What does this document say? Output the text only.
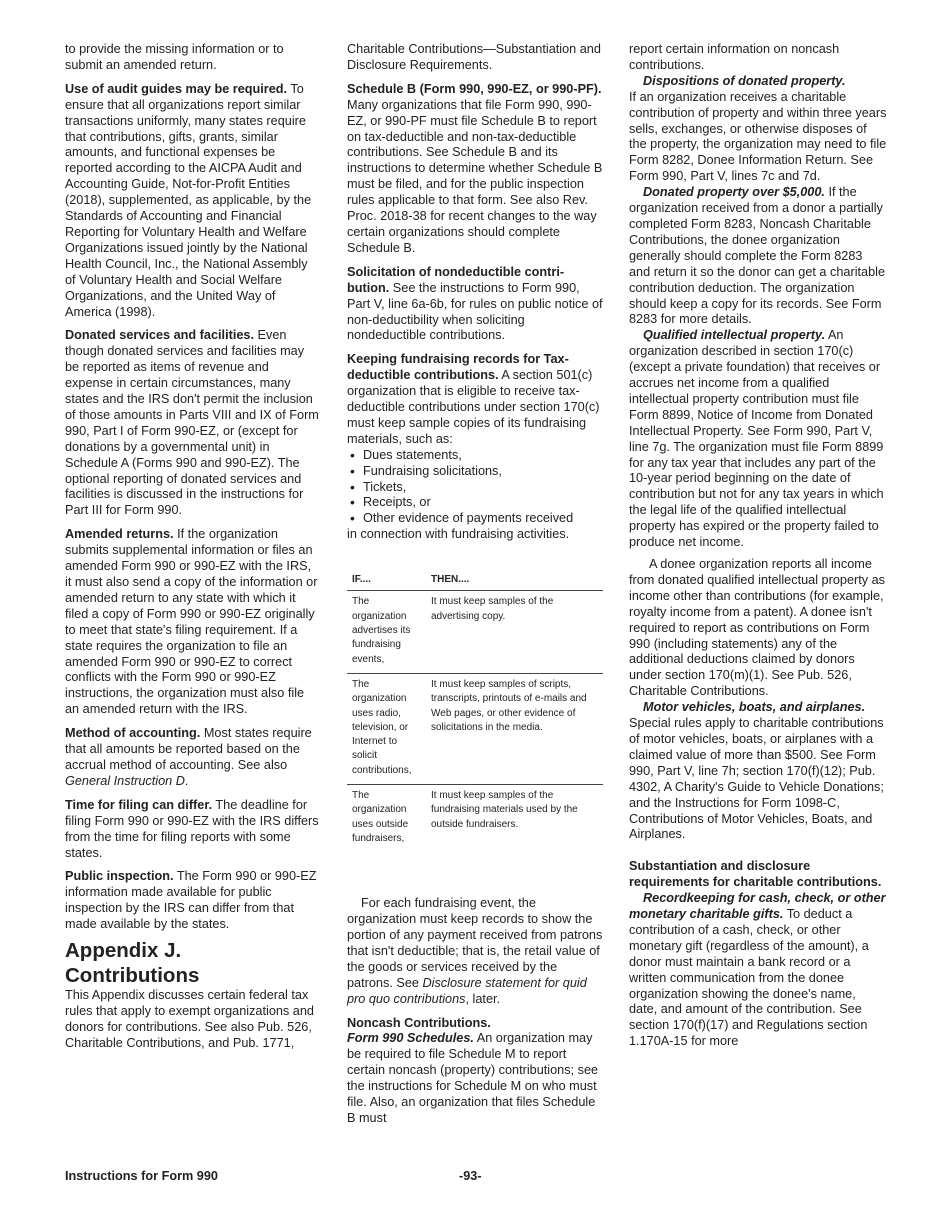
to provide the missing information or to submit an amended return.

Use of audit guides may be required. To ensure that all organizations report similar transactions uniformly, many states require that contributions, gifts, grants, similar amounts, and functional expenses be reported according to the AICPA Audit and Accounting Guide, Not-for-Profit Entities (2018), supplemented, as applicable, by the Standards of Accounting and Financial Reporting for Voluntary Health and Welfare Organizations issued jointly by the National Health Council, Inc., the National Assembly of Voluntary Health and Social Welfare Organizations, and the United Way of America (1998).

Donated services and facilities. Even though donated services and facilities may be reported as items of revenue and expense in certain circumstances, many states and the IRS don't permit the inclusion of those amounts in Parts VIII and IX of Form 990, Part I of Form 990-EZ, or (except for donations by a governmental unit) in Schedule A (Forms 990 and 990-EZ). The optional reporting of donated services and facilities is discussed in the instructions for Part III for Form 990.

Amended returns. If the organization submits supplemental information or files an amended Form 990 or 990-EZ with the IRS, it must also send a copy of the information or amended return to any state with which it filed a copy of Form 990 or 990-EZ originally to meet that state's filing requirement. If a state requires the organization to file an amended Form 990 or 990-EZ to correct conflicts with the Form 990 or 990-EZ instructions, the organization must also file an amended return with the IRS.

Method of accounting. Most states require that all amounts be reported based on the accrual method of accounting. See also General Instruction D.

Time for filing can differ. The deadline for filing Form 990 or 990-EZ with the IRS differs from the time for filing reports with some states.

Public inspection. The Form 990 or 990-EZ information made available for public inspection by the IRS can differ from that made available by the states.

Appendix J.
Contributions

This Appendix discusses certain federal tax rules that apply to exempt organizations and donors for contributions. See also Pub. 526, Charitable Contributions, and Pub. 1771,

Charitable Contributions—Substantiation and Disclosure Requirements.

Schedule B (Form 990, 990-EZ, or 990-PF). Many organizations that file Form 990, 990-EZ, or 990-PF must file Schedule B to report on tax-deductible and non-tax-deductible contributions. See Schedule B and its instructions to determine whether Schedule B must be filed, and for the public inspection rules applicable to that form. See also Rev. Proc. 2018-38 for recent changes to the way certain organizations should complete Schedule B.

Solicitation of nondeductible contri-bution. See the instructions to Form 990, Part V, line 6a-6b, for rules on public notice of non-deductibility when soliciting nondeductible contributions.

Keeping fundraising records for Tax-deductible contributions. A section 501(c) organization that is eligible to receive tax-deductible contributions under section 170(c) must keep sample copies of its fundraising materials, such as:

• Dues statements,
• Fundraising solicitations,
• Tickets,
• Receipts, or
• Other evidence of payments received

in connection with fundraising activities.

IF....	THEN....
The organization advertises its fundraising events,	It must keep samples of the advertising copy.
The organization uses radio, television, or Internet to solicit contributions,	It must keep samples of scripts, transcripts, printouts of e-mails and Web pages, or other evidence of solicitations in the media.
The organization uses outside fundraisers,	It must keep samples of the fundraising materials used by the outside fundraisers.

For each fundraising event, the organization must keep records to show the portion of any payment received from patrons that isn't deductible; that is, the retail value of the goods or services received by the patrons. See Disclosure statement for quid pro quo contributions, later.

Noncash Contributions.

Form 990 Schedules. An organization may be required to file Schedule M to report certain noncash (property) contributions; see the instructions for Schedule M on who must file. Also, an organization that files Schedule B must

report certain information on noncash contributions.

Dispositions of donated property.

If an organization receives a charitable contribution of property and within three years sells, exchanges, or otherwise disposes of the property, the organization may need to file Form 8282, Donee Information Return. See Form 990, Part V, lines 7c and 7d.

Donated property over $5,000. If the organization received from a donor a partially completed Form 8283, Noncash Charitable Contributions, the donee organization generally should complete the Form 8283 and return it so the donor can get a charitable contribution deduction. The organization should keep a copy for its records. See Form 8283 for more details.

Qualified intellectual property. An organization described in section 170(c) (except a private foundation) that receives or accrues net income from a qualified intellectual property contribution must file Form 8899, Notice of Income from Donated Intellectual Property. See Form 990, Part V, line 7g. The organization must file Form 8899 for any tax year that includes any part of the 10-year period beginning on the date of contribution but not for any tax years in which the legal life of the qualified intellectual property has expired or the property failed to produce net income.

A donee organization reports all income from donated qualified intellectual property as income other than contributions (for example, royalty income from a patent). A donee isn't required to report as contributions on Form 990 (including statements) any of the additional deductions claimed by donors under section 170(m)(1). See Pub. 526, Charitable Contributions.

Motor vehicles, boats, and airplanes. Special rules apply to charitable contributions of motor vehicles, boats, or airplanes with a claimed value of more than $500. See Form 990, Part V, line 7h; section 170(f)(12); Pub. 4302, A Charity's Guide to Vehicle Donations; and the Instructions for Form 1098-C, Contributions of Motor Vehicles, Boats, and Airplanes.

Substantiation and disclosure requirements for charitable contributions.

Recordkeeping for cash, check, or other monetary charitable gifts. To deduct a contribution of a cash, check, or other monetary gift (regardless of the amount), a donor must maintain a bank record or a written communication from the donee organization showing the donee's name, date, and amount of the contribution. See section 170(f)(17) and Regulations section 1.170A-15 for more

Instructions for Form 990	-93-
